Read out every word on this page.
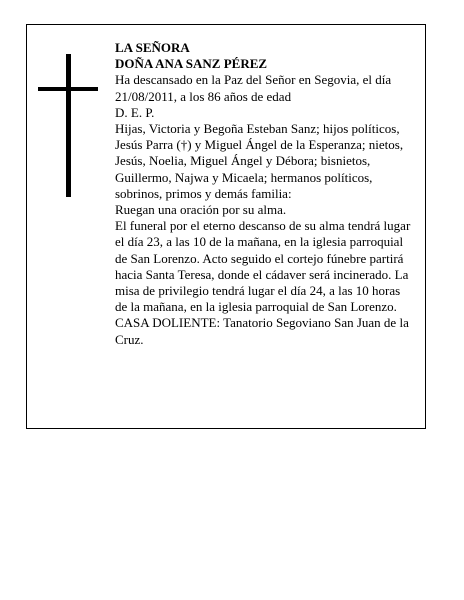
LA SEÑORA

DOÑA ANA SANZ PÉREZ

Ha descansado en la Paz del Señor en Segovia, el día 21/08/2011, a los 86 años de edad

D. E. P.

Hijas, Victoria y Begoña Esteban Sanz; hijos políticos, Jesús Parra (†) y Miguel Ángel de la Esperanza; nietos, Jesús, Noelia, Miguel Ángel y Débora; bisnietos, Guillermo, Najwa y Micaela; hermanos políticos, sobrinos, primos y demás familia:

Ruegan una oración por su alma.

El funeral por el eterno descanso de su alma tendrá lugar el día 23, a las 10 de la mañana, en la iglesia parroquial de San Lorenzo. Acto seguido el cortejo fúnebre partirá hacia Santa Teresa, donde el cádaver será incinerado. La misa de privilegio tendrá lugar el día 24, a las 10 horas de la mañana, en la iglesia parroquial de San Lorenzo.

CASA DOLIENTE: Tanatorio Segoviano San Juan de la Cruz.
